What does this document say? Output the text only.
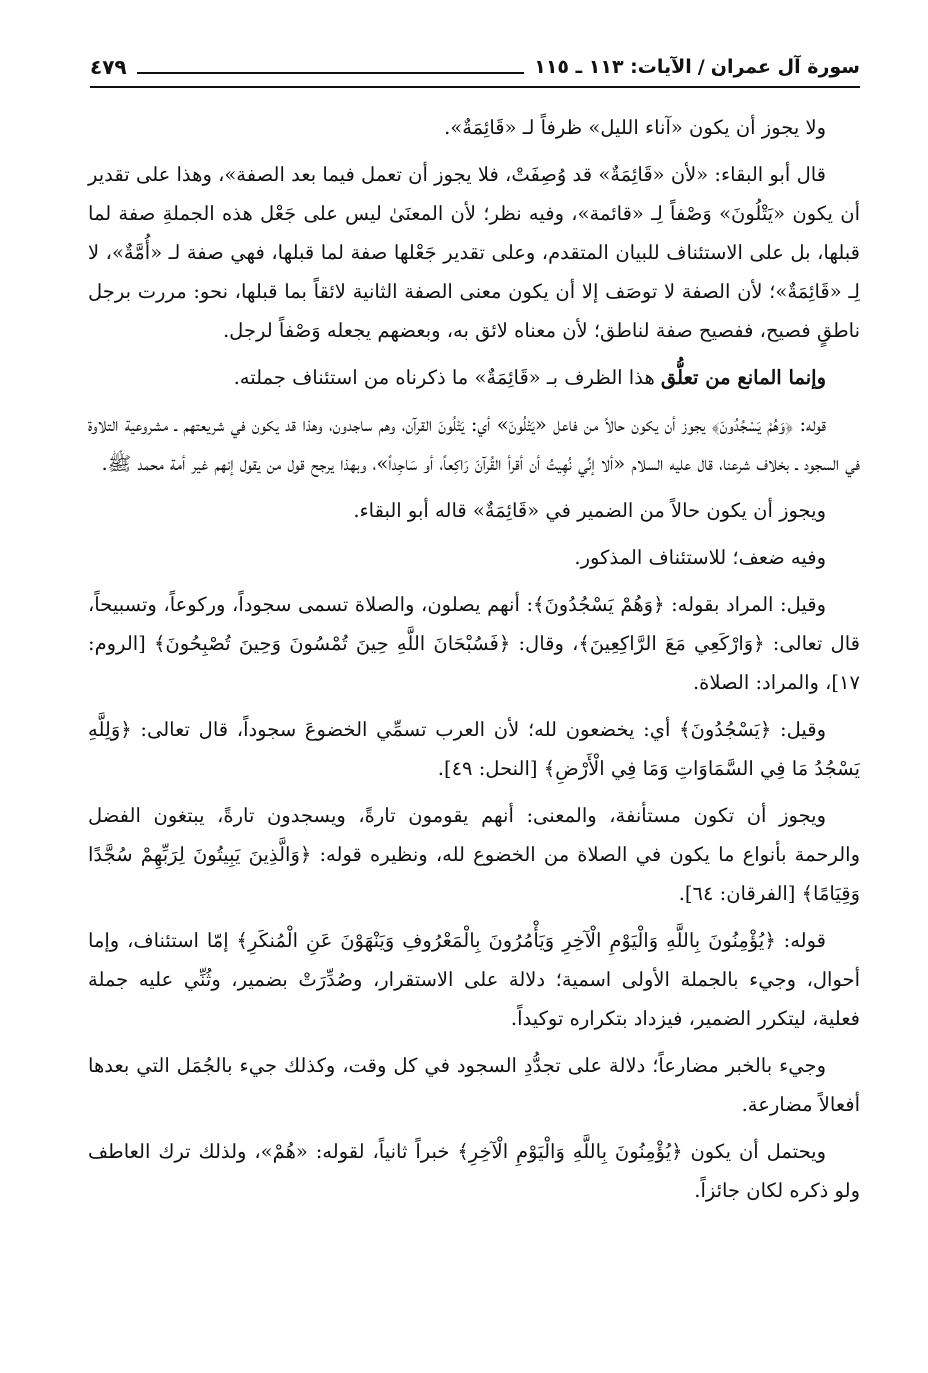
سورة آل عمران/الآيات: ١١٣ ـ ١١٥
٤٧٩

ولا يجوز أن يكون «آناء الليل» ظرفاً لـ «قَائِمَةٌ».

قال أبو البقاء: «لأن «قَائِمَةٌ» قد وُصِفَتْ، فلا يجوز أن تعمل فيما بعد الصفة»، وهذا على تقدير أن يكون «يَتْلُونَ» وَصْفاً لِـ «قائمة»، وفيه نظر؛ لأن المعنَىٰ ليس على جَعْل هذه الجملةِ صفة لما قبلها، بل على الاستئناف للبيان المتقدم، وعلى تقدير جَعْلها صفة لما قبلها، فهي صفة لـ «أُمَّةٌ»، لا لِـ «قَائِمَةٌ»؛ لأن الصفة لا توصَف إلا أن يكون معنى الصفة الثانية لائقاً بما قبلها، نحو: مررت برجل ناطقٍ فصيح، ففصيح صفة لناطق؛ لأن معناه لائق به، وبعضهم يجعله وَصْفاً لرجل.

وإنما المانع من تعلُّق هذا الظرف بـ «قَائِمَةٌ» ما ذكرناه من استئناف جملته.

قوله: ﴿وَهُمْ يَسْجُدُونَ﴾ يجوز أن يكون حالاً من فاعل «يَتْلُونَ» أي: يَتْلُونَ القرآن، وهم ساجدون، وهذا قد يكون في شريعتهم ـ مشروعية التلاوة في السجود ـ بخلاف شرعنا، قال عليه السلام «ألا إنِّي نُهِيتُ أن أقرأ القُرآنَ رَاكِعاً، أو سَاجِداً»، وبهذا يرجح قول من يقول إنهم غير أمة محمد ﷺ.

ويجوز أن يكون حالاً من الضمير في «قَائِمَةٌ» قاله أبو البقاء.

وفيه ضعف؛ للاستئناف المذكور.

وقيل: المراد بقوله: ﴿وَهُمْ يَسْجُدُونَ﴾: أنهم يصلون، والصلاة تسمى سجوداً، وركوعاً، وتسبيحاً، قال تعالى: ﴿وَارْكَعِي مَعَ الرَّاكِعِينَ﴾، وقال: ﴿فَسُبْحَانَ اللَّهِ حِينَ تُمْسُونَ وَحِينَ تُصْبِحُونَ﴾ [الروم: ١٧]، والمراد: الصلاة.

وقيل: ﴿يَسْجُدُونَ﴾ أي: يخضعون لله؛ لأن العرب تسمِّي الخضوعَ سجوداً، قال تعالى: ﴿وَلِلَّهِ يَسْجُدُ مَا فِي السَّمَاوَاتِ وَمَا فِي الْأَرْضِ﴾ [النحل: ٤٩].

ويجوز أن تكون مستأنفة، والمعنى: أنهم يقومون تارةً، ويسجدون تارةً، يبتغون الفضل والرحمة بأنواع ما يكون في الصلاة من الخضوع لله، ونظيره قوله: ﴿وَالَّذِينَ يَبِيتُونَ لِرَبِّهِمْ سُجَّدًا وَقِيَامًا﴾ [الفرقان: ٦٤].

قوله: ﴿يُؤْمِنُونَ بِاللَّهِ وَالْيَوْمِ الْآخِرِ وَيَأْمُرُونَ بِالْمَعْرُوفِ وَيَنْهَوْنَ عَنِ الْمُنكَرِ﴾ إمّا استئناف، وإما أحوال، وجيء بالجملة الأولى اسمية؛ دلالة على الاستقرار، وصُدِّرَتْ بضمير، وثُنِّي عليه جملة فعلية، ليتكرر الضمير، فيزداد بتكراره توكيداً.

وجيء بالخبر مضارعاً؛ دلالة على تجدُّدِ السجود في كل وقت، وكذلك جيء بالجُمَل التي بعدها أفعالاً مضارعة.

ويحتمل أن يكون ﴿يُؤْمِنُونَ بِاللَّهِ وَالْيَوْمِ الْآخِرِ﴾ خبراً ثانياً، لقوله: «هُمْ»، ولذلك ترك العاطف ولو ذكره لكان جائزاً.
